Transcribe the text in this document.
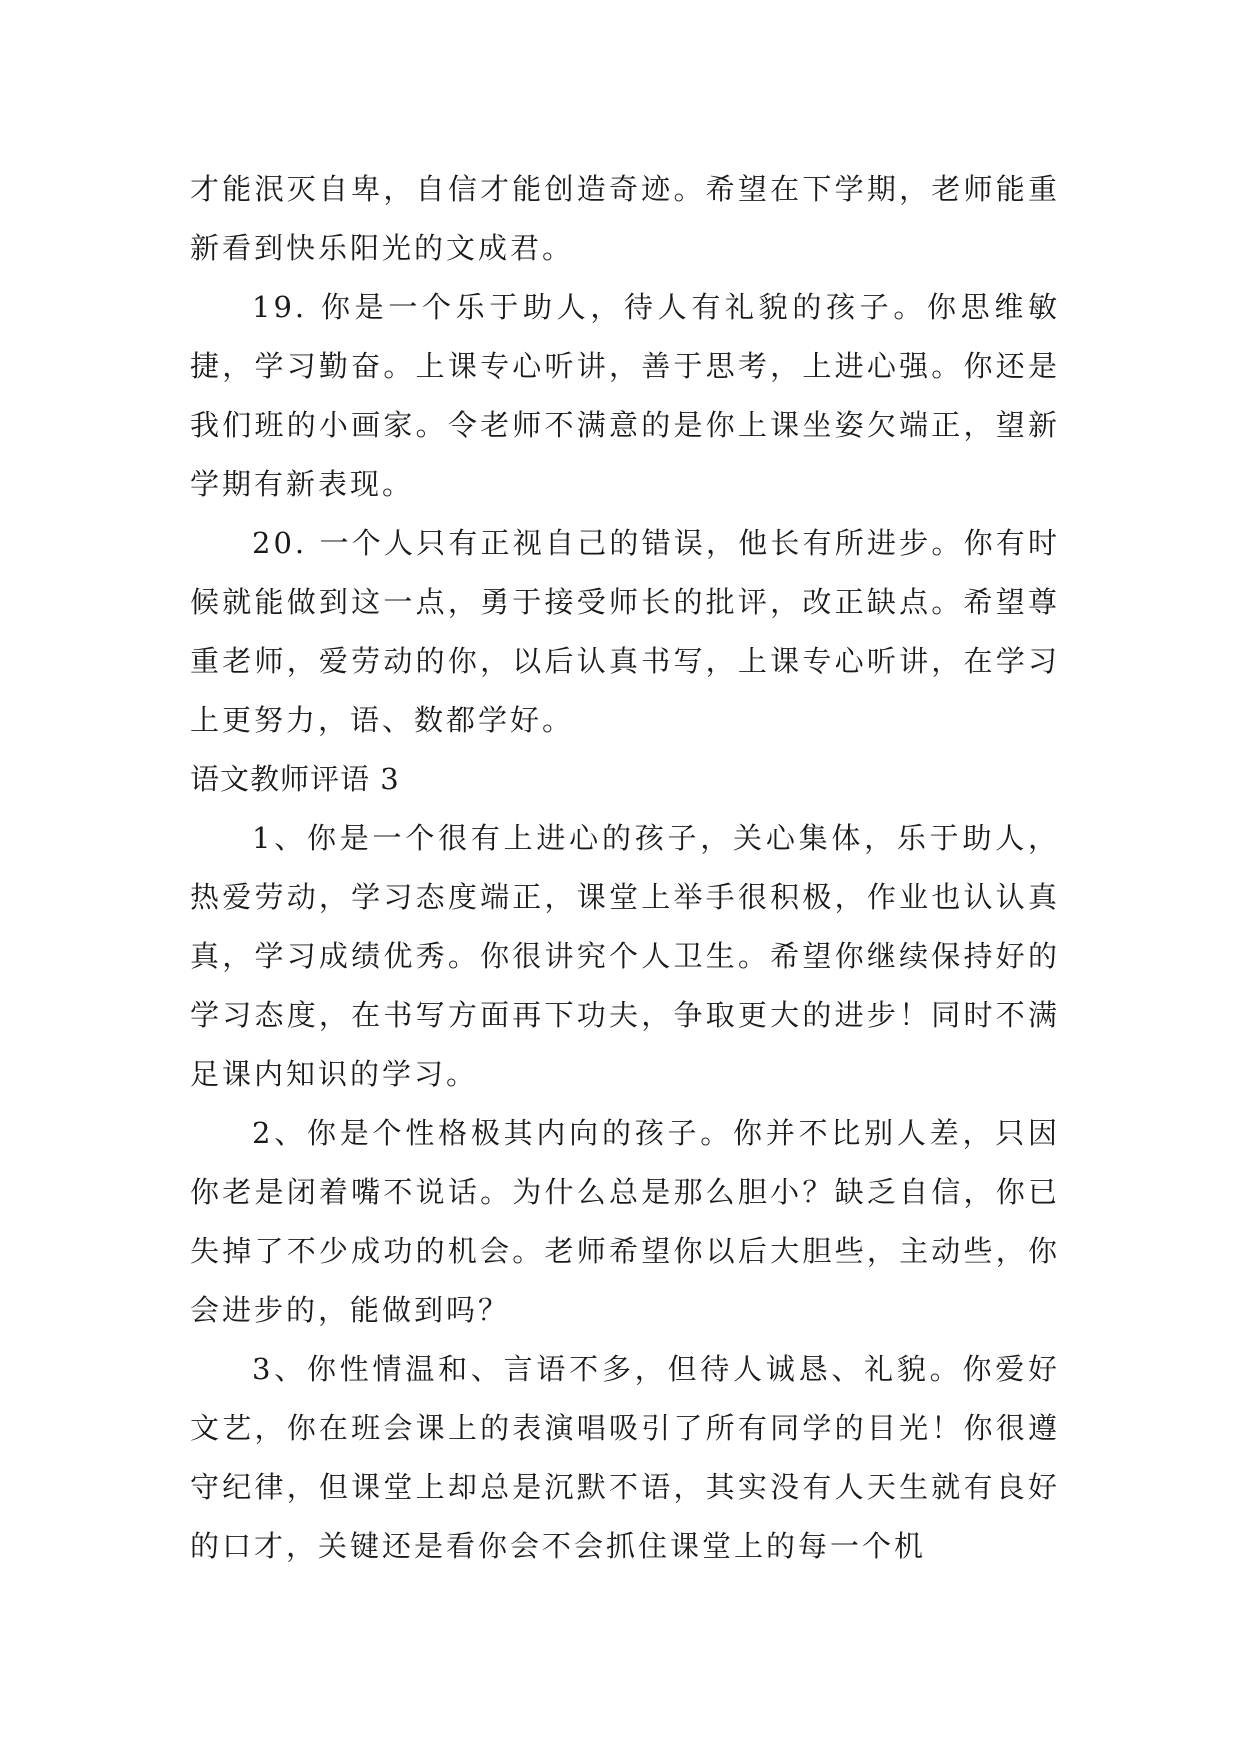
才能泯灭自卑，自信才能创造奇迹。希望在下学期，老师能重新看到快乐阳光的文成君。

19. 你是一个乐于助人，待人有礼貌的孩子。你思维敏捷，学习勤奋。上课专心听讲，善于思考，上进心强。你还是我们班的小画家。令老师不满意的是你上课坐姿欠端正，望新学期有新表现。

20. 一个人只有正视自己的错误，他长有所进步。你有时候就能做到这一点，勇于接受师长的批评，改正缺点。希望尊重老师，爱劳动的你，以后认真书写，上课专心听讲，在学习上更努力，语、数都学好。

语文教师评语 3

1、你是一个很有上进心的孩子，关心集体，乐于助人，热爱劳动，学习态度端正，课堂上举手很积极，作业也认认真真，学习成绩优秀。你很讲究个人卫生。希望你继续保持好的学习态度，在书写方面再下功夫，争取更大的进步！同时不满足课内知识的学习。

2、你是个性格极其内向的孩子。你并不比别人差，只因你老是闭着嘴不说话。为什么总是那么胆小？缺乏自信，你已失掉了不少成功的机会。老师希望你以后大胆些，主动些，你会进步的，能做到吗？

3、你性情温和、言语不多，但待人诚恳、礼貌。你爱好文艺，你在班会课上的表演唱吸引了所有同学的目光！你很遵守纪律，但课堂上却总是沉默不语，其实没有人天生就有良好的口才，关键还是看你会不会抓住课堂上的每一个机
